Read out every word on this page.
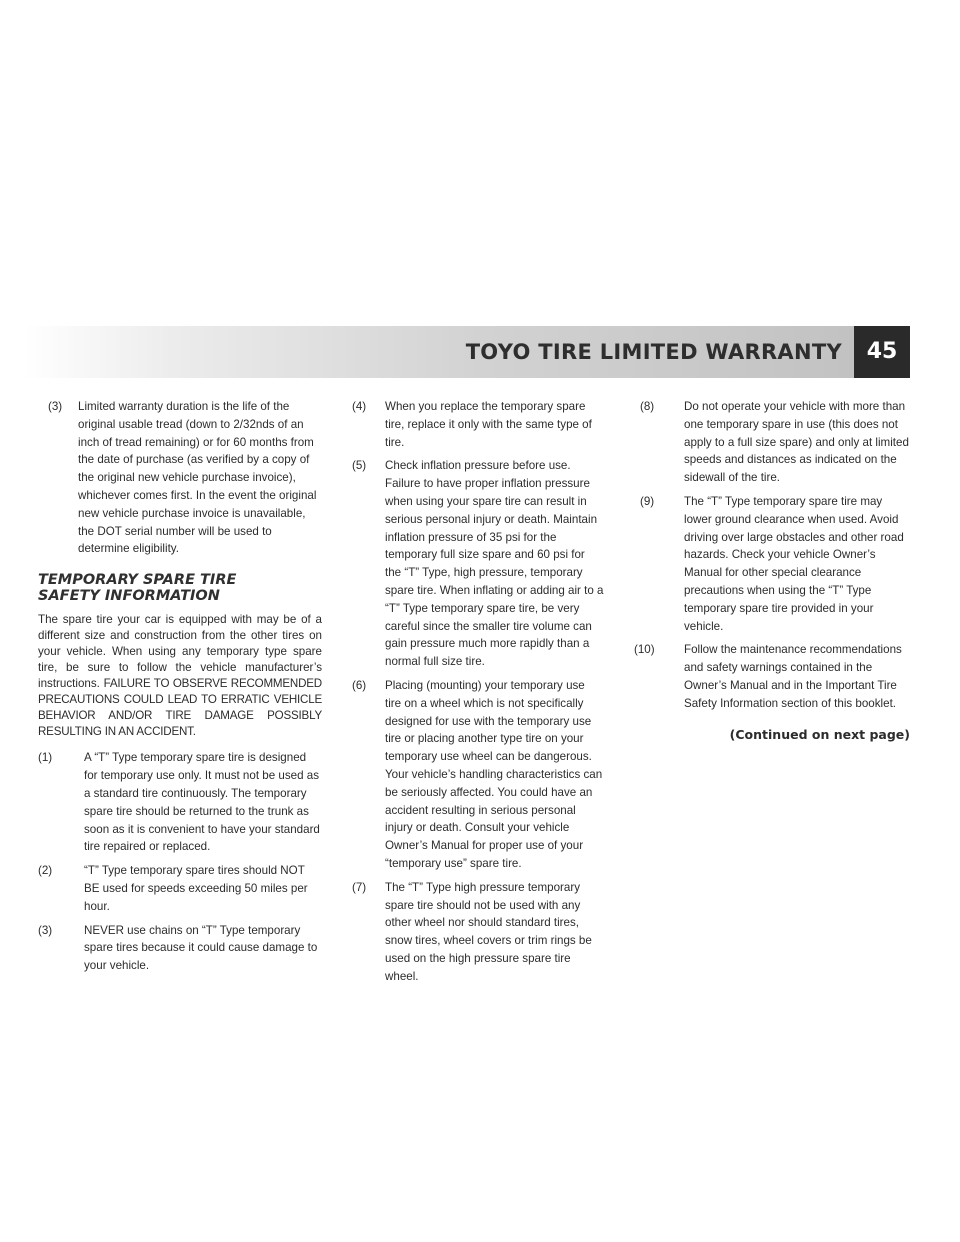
TOYO TIRE LIMITED WARRANTY	45
(3) Limited warranty duration is the life of the original usable tread (down to 2/32nds of an inch of tread remaining) or for 60 months from the date of purchase (as verified by a copy of the original new vehicle purchase invoice), whichever comes first. In the event the original new vehicle purchase invoice is unavailable, the DOT serial number will be used to determine eligibility.
TEMPORARY SPARE TIRE SAFETY INFORMATION
The spare tire your car is equipped with may be of a different size and construction from the other tires on your vehicle. When using any temporary type spare tire, be sure to follow the vehicle manufacturer’s instructions. FAILURE TO OBSERVE RECOMMENDED PRECAUTIONS COULD LEAD TO ERRATIC VEHICLE BEHAVIOR AND/OR TIRE DAMAGE POSSIBLY RESULTING IN AN ACCIDENT.
(1)	A “T” Type temporary spare tire is designed for temporary use only. It must not be used as a standard tire continuously. The temporary spare tire should be returned to the trunk as soon as it is convenient to have your standard tire repaired or replaced.
(2)	“T” Type temporary spare tires should NOT BE used for speeds exceeding 50 miles per hour.
(3)	NEVER use chains on “T” Type temporary spare tires because it could cause damage to your vehicle.
(4) When you replace the temporary spare tire, replace it only with the same type of tire.
(5) Check inflation pressure before use. Failure to have proper inflation pressure when using your spare tire can result in serious personal injury or death. Maintain inflation pressure of 35 psi for the temporary full size spare and 60 psi for the “T” Type, high pressure, temporary spare tire. When inflating or adding air to a “T” Type temporary spare tire, be very careful since the smaller tire volume can gain pressure much more rapidly than a normal full size tire.
(6) Placing (mounting) your temporary use tire on a wheel which is not specifically designed for use with the temporary use tire or placing another type tire on your temporary use wheel can be dangerous. Your vehicle’s handling characteristics can be seriously affected. You could have an accident resulting in serious personal injury or death. Consult your vehicle Owner’s Manual for proper use of your “temporary use” spare tire.
(7) The “T” Type high pressure temporary spare tire should not be used with any other wheel nor should standard tires, snow tires, wheel covers or trim rings be used on the high pressure spare tire wheel.
(8)	Do not operate your vehicle with more than one temporary spare in use (this does not apply to a full size spare) and only at limited speeds and distances as indicated on the sidewall of the tire.
(9)	The “T” Type temporary spare tire may lower ground clearance when used. Avoid driving over large obstacles and other road hazards. Check your vehicle Owner’s Manual for other special clearance precautions when using the “T” Type temporary spare tire provided in your vehicle.
(10)	Follow the maintenance recommendations and safety warnings contained in the Owner’s Manual and in the Important Tire Safety Information section of this booklet.
(Continued on next page)
